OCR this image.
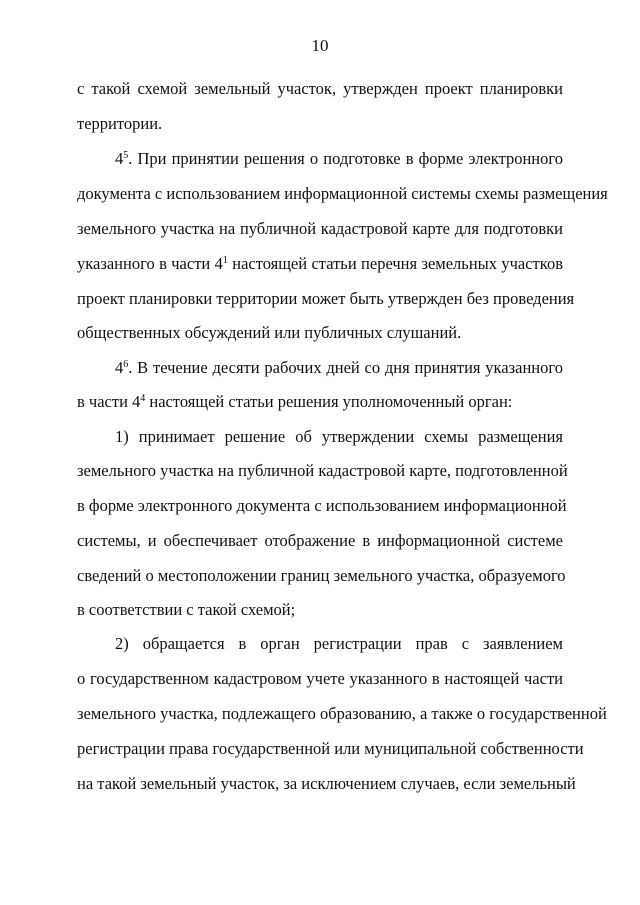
10
с такой схемой земельный участок, утвержден проект планировки
территории.
$4^5$. При принятии решения о подготовке в форме электронного
документа с использованием информационной системы схемы размещения
земельного участка на публичной кадастровой карте для подготовки
указанного в части $4^1$ настоящей статьи перечня земельных участков
проект планировки территории может быть утвержден без проведения
общественных обсуждений или публичных слушаний.
$4^6$. В течение десяти рабочих дней со дня принятия указанного
в части $4^4$ настоящей статьи решения уполномоченный орган:
1) принимает решение об утверждении схемы размещения
земельного участка на публичной кадастровой карте, подготовленной
в форме электронного документа с использованием информационной
системы, и обеспечивает отображение в информационной системе
сведений о местоположении границ земельного участка, образуемого
в соответствии с такой схемой;
2) обращается в орган регистрации прав с заявлением
о государственном кадастровом учете указанного в настоящей части
земельного участка, подлежащего образованию, а также о государственной
регистрации права государственной или муниципальной собственности
на такой земельный участок, за исключением случаев, если земельный
